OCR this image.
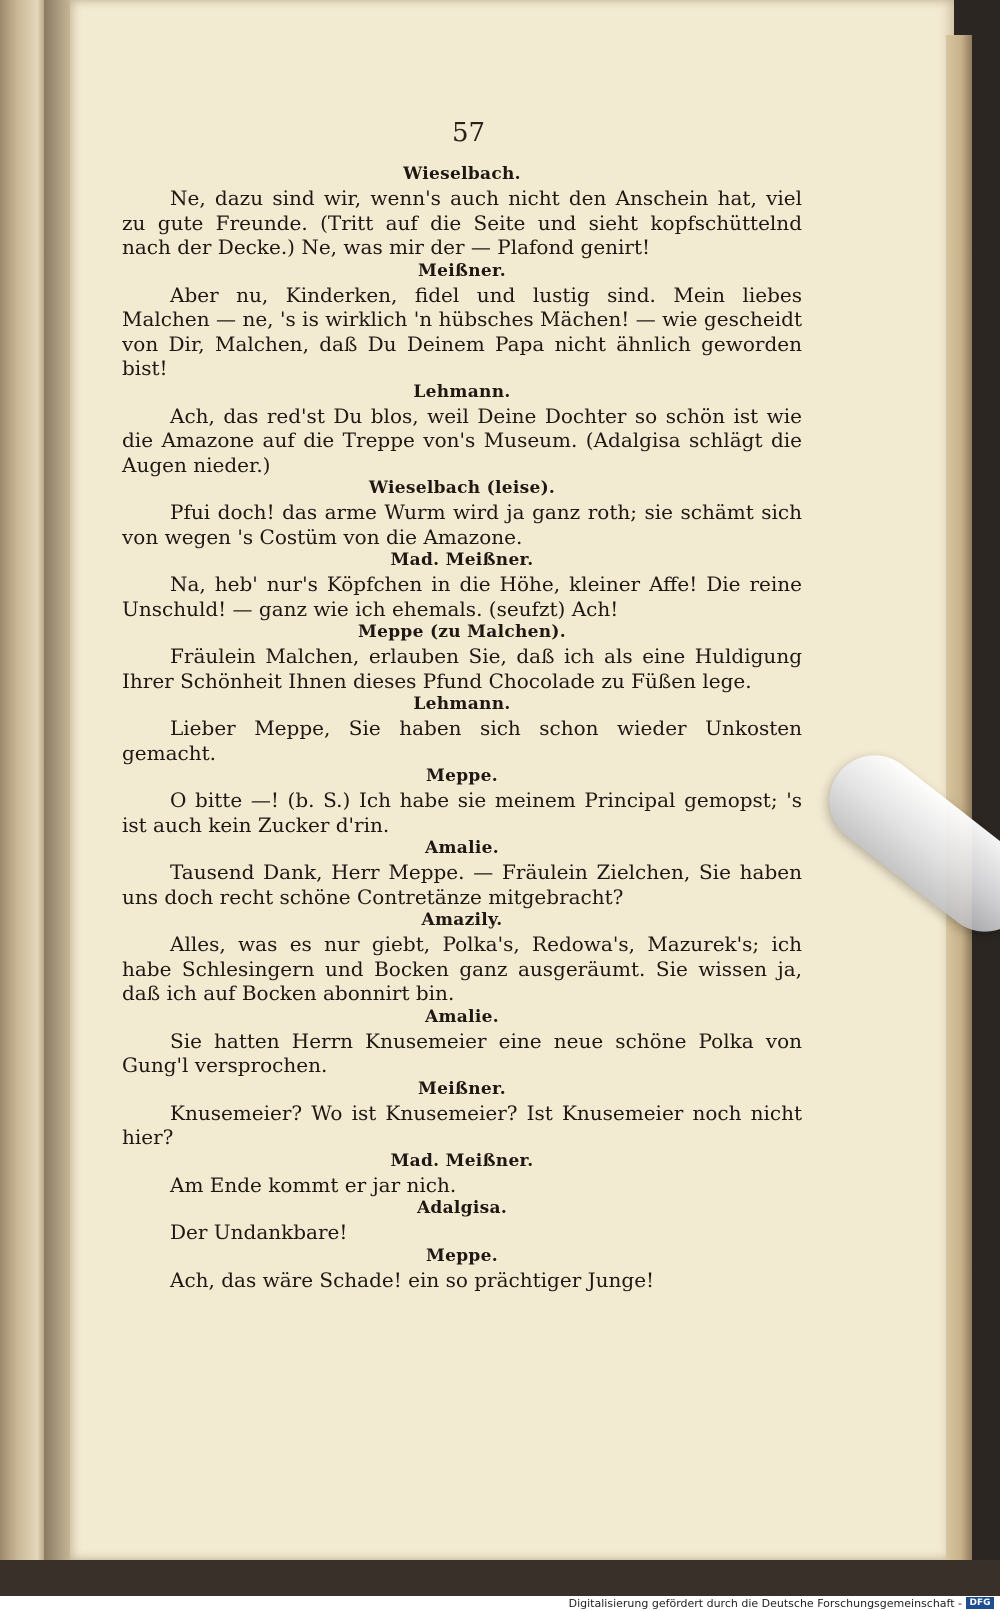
57
Wieselbach.

Ne, dazu sind wir, wenn's auch nicht den Anschein hat, viel zu gute Freunde. (Tritt auf die Seite und sieht kopfschüttelnd nach der Decke.) Ne, was mir der — Plafond genirt!

Meißner.

Aber nu, Kinderken, fidel und lustig sind. Mein liebes Malchen — ne, 's is wirklich 'n hübsches Mächen! — wie gescheidt von Dir, Malchen, daß Du Deinem Papa nicht ähnlich geworden bist!

Lehmann.

Ach, das red'st Du blos, weil Deine Dochter so schön ist wie die Amazone auf die Treppe von's Museum. (Adalgisa schlägt die Augen nieder.)

Wieselbach (leise).

Pfui doch! das arme Wurm wird ja ganz roth; sie schämt sich von wegen 's Costüm von die Amazone.

Mad. Meißner.

Na, heb' nur's Köpfchen in die Höhe, kleiner Affe! Die reine Unschuld! — ganz wie ich ehemals. (seufzt) Ach!

Meppe (zu Malchen).

Fräulein Malchen, erlauben Sie, daß ich als eine Huldigung Ihrer Schönheit Ihnen dieses Pfund Chocolade zu Füßen lege.

Lehmann.

Lieber Meppe, Sie haben sich schon wieder Unkosten gemacht.

Meppe.

O bitte —! (b. S.) Ich habe sie meinem Principal gemopst; 's ist auch kein Zucker d'rin.

Amalie.

Tausend Dank, Herr Meppe. — Fräulein Zielchen, Sie haben uns doch recht schöne Contretänze mitgebracht?

Amazily.

Alles, was es nur giebt, Polka's, Redowa's, Mazurek's; ich habe Schlesingern und Bocken ganz ausgeräumt. Sie wissen ja, daß ich auf Bocken abonnirt bin.

Amalie.

Sie hatten Herrn Knusemeier eine neue schöne Polka von Gung'l versprochen.

Meißner.

Knusemeier? Wo ist Knusemeier? Ist Knusemeier noch nicht hier?

Mad. Meißner.

Am Ende kommt er jar nich.

Adalgisa.

Der Undankbare!

Meppe.

Ach, das wäre Schade! ein so prächtiger Junge!

Digitalisierung gefördert durch die Deutsche Forschungsgemeinschaft - DFG
